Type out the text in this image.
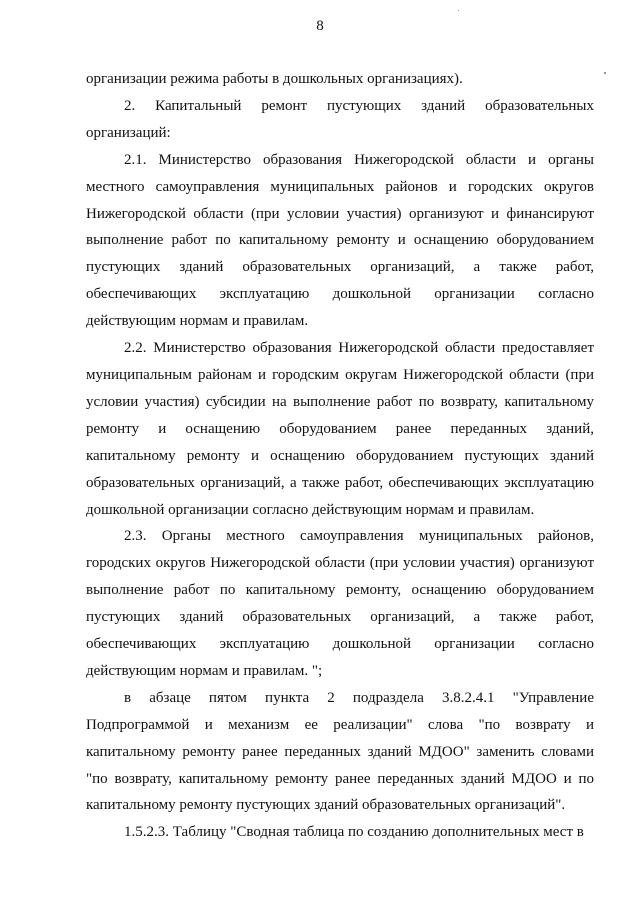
8

организации режима работы в дошкольных организациях).

2. Капитальный ремонт пустующих зданий образовательных организаций:

2.1. Министерство образования Нижегородской области и органы местного самоуправления муниципальных районов и городских округов Нижегородской области (при условии участия) организуют и финансируют выполнение работ по капитальному ремонту и оснащению оборудованием пустующих зданий образовательных организаций, а также работ, обеспечивающих эксплуатацию дошкольной организации согласно действующим нормам и правилам.

2.2. Министерство образования Нижегородской области предоставляет муниципальным районам и городским округам Нижегородской области (при условии участия) субсидии на выполнение работ по возврату, капитальному ремонту и оснащению оборудованием ранее переданных зданий, капитальному ремонту и оснащению оборудованием пустующих зданий образовательных организаций, а также работ, обеспечивающих эксплуатацию дошкольной организации согласно действующим нормам и правилам.

2.3. Органы местного самоуправления муниципальных районов, городских округов Нижегородской области (при условии участия) организуют выполнение работ по капитальному ремонту, оснащению оборудованием пустующих зданий образовательных организаций, а также работ, обеспечивающих эксплуатацию дошкольной организации согласно действующим нормам и правилам. ";

в абзаце пятом пункта 2 подраздела 3.8.2.4.1 "Управление Подпрограммой и механизм ее реализации" слова "по возврату и капитальному ремонту ранее переданных зданий МДОО" заменить словами "по возврату, капитальному ремонту ранее переданных зданий МДОО и по капитальному ремонту пустующих зданий образовательных организаций".

1.5.2.3. Таблицу "Сводная таблица по созданию дополнительных мест в
